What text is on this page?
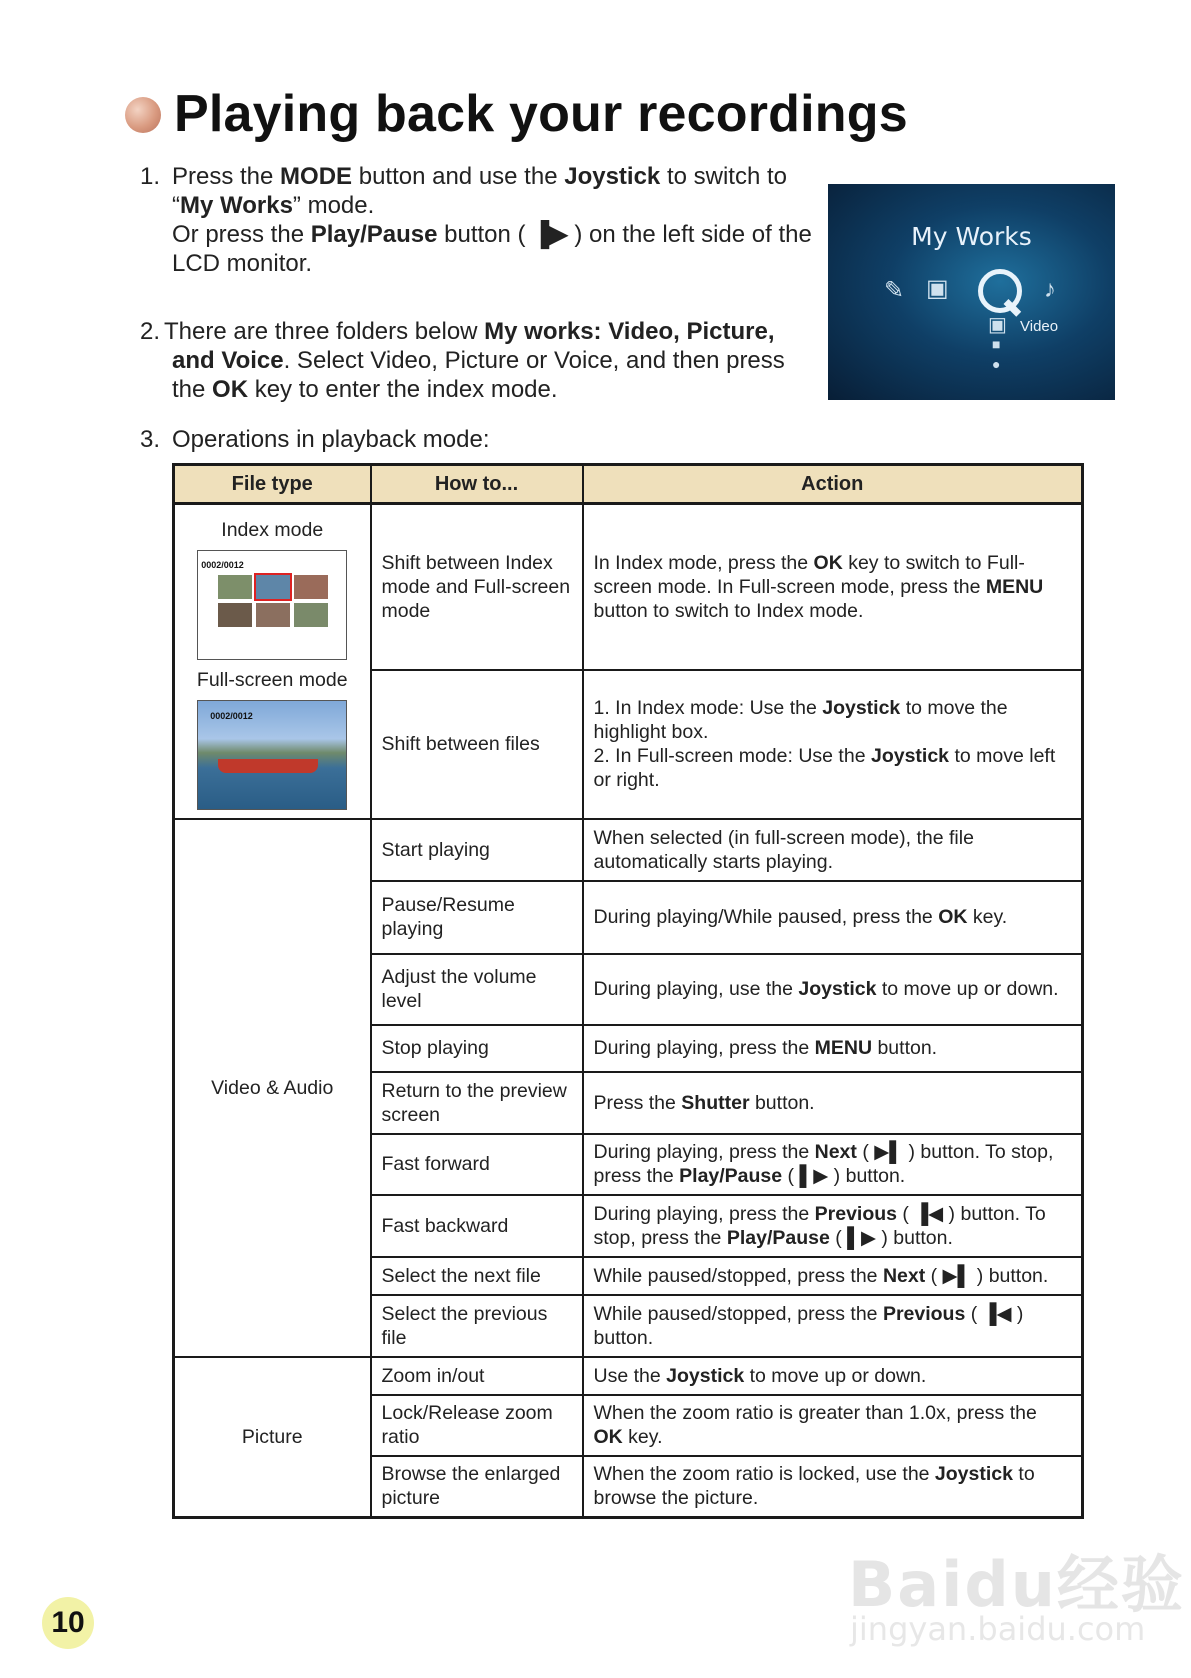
Playing back your recordings
1. Press the MODE button and use the Joystick to switch to
“My Works” mode.
Or press the Play/Pause button ( ▐▶ ) on the left side of the
LCD monitor.
2. There are three folders below My works: Video, Picture,
and Voice. Select Video, Picture or Voice, and then press
the OK key to enter the index mode.
3. Operations in playback mode:
My Works
✎ ▣	♪
▣ Video
■
●
File type	How to...	Action

Index mode
0002/0012
Full-screen mode
0002/0012	Shift between Index mode and Full-screen mode	In Index mode, press the OK key to switch to Full-screen mode. In Full-screen mode, press the MENU button to switch to Index mode.
	Shift between files	1. In Index mode: Use the Joystick to move the highlight box.
2. In Full-screen mode: Use the Joystick to move left or right.
Video & Audio	Start playing	When selected (in full-screen mode), the file automatically starts playing.
	Pause/Resume playing	During playing/While paused, press the OK key.
	Adjust the volume level	During playing, use the Joystick to move up or down.
	Stop playing	During playing, press the MENU button.
	Return to the preview screen	Press the Shutter button.
	Fast forward	During playing, press the Next ( ▶▌ ) button. To stop, press the Play/Pause ( ▌▶ ) button.
	Fast backward	During playing, press the Previous ( ▐◀ ) button. To stop, press the Play/Pause ( ▌▶ ) button.
	Select the next file	While paused/stopped, press the Next ( ▶▌ ) button.
	Select the previous file	While paused/stopped, press the Previous ( ▐◀ ) button.
Picture	Zoom in/out	Use the Joystick to move up or down.
	Lock/Release zoom ratio	When the zoom ratio is greater than 1.0x, press the OK key.
	Browse the enlarged picture	When the zoom ratio is locked, use the Joystick to browse the picture.
10
Baidu经验
jingyan.baidu.com
